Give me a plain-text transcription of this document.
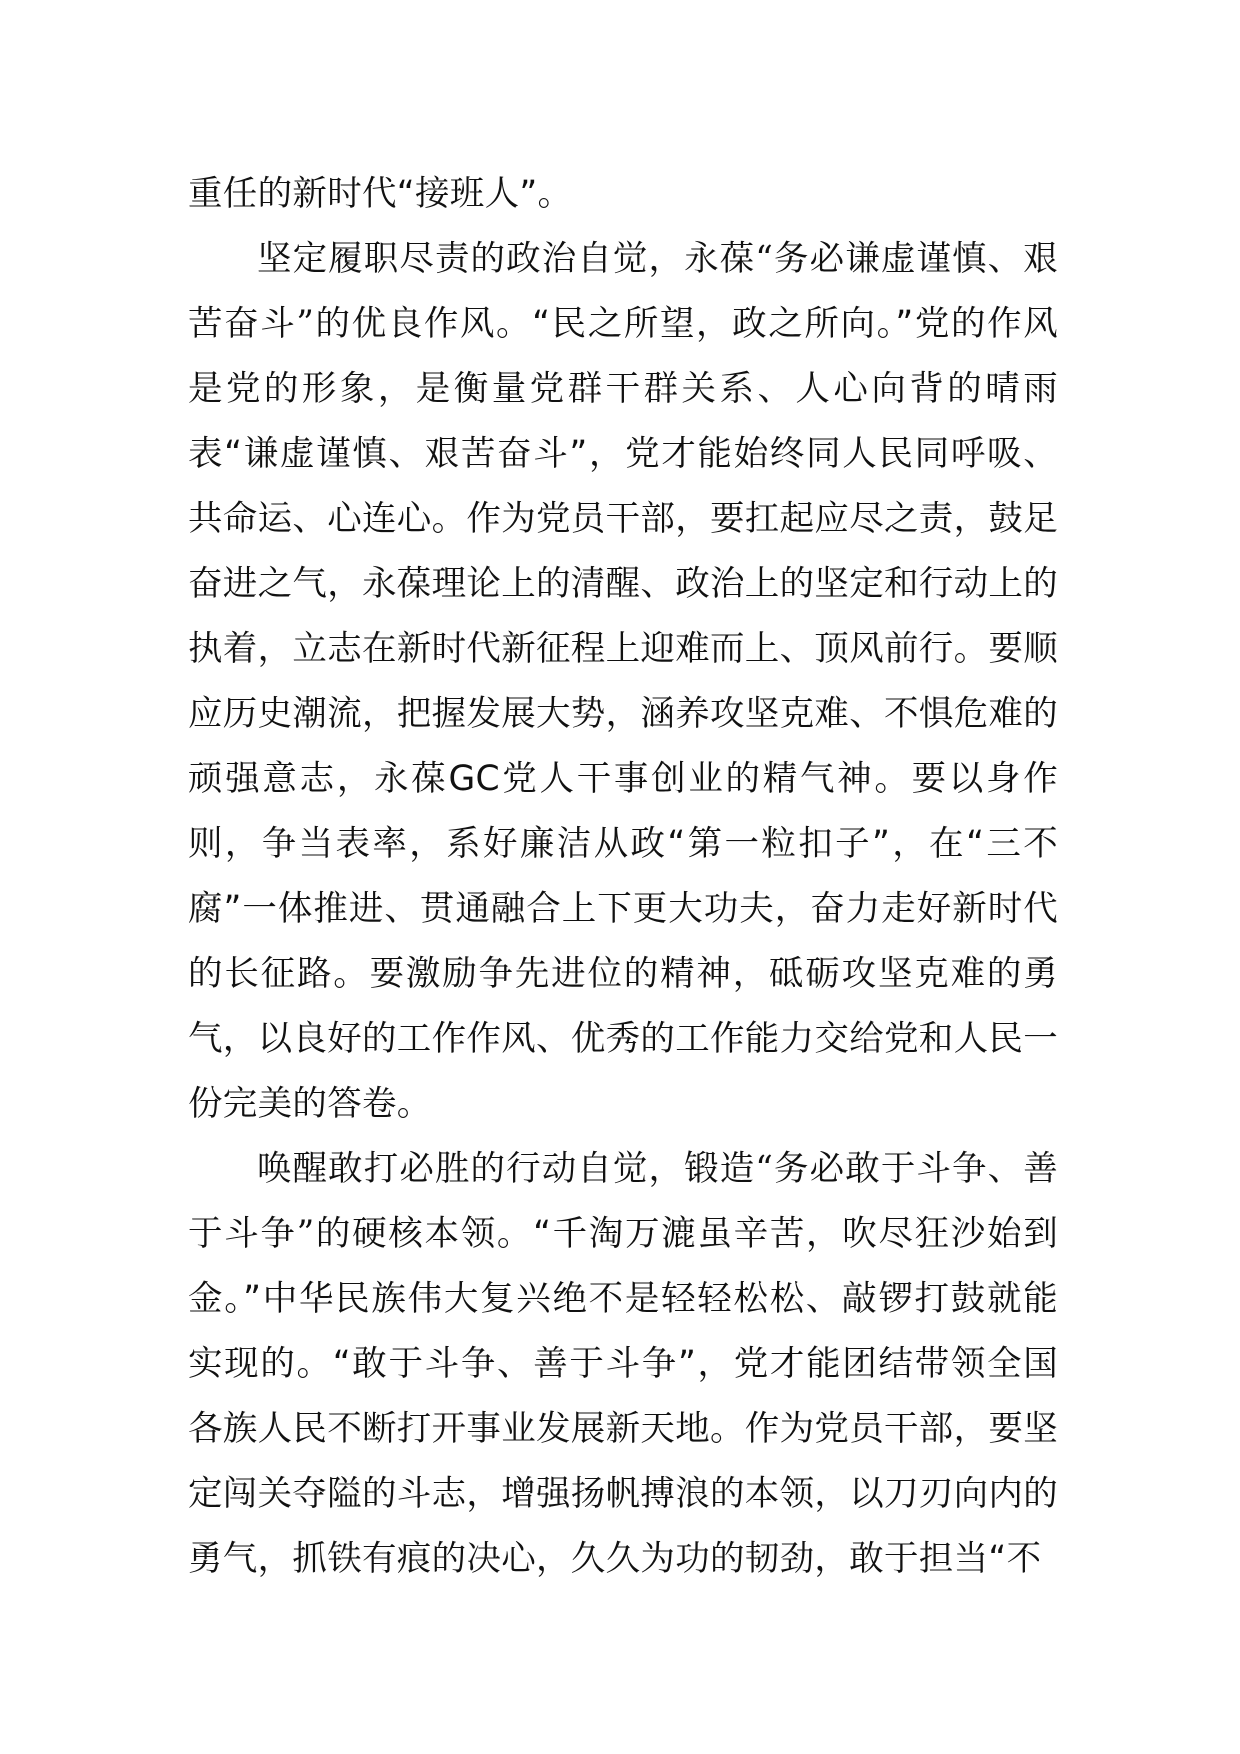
重任的新时代“接班人”。

坚定履职尽责的政治自觉，永葆“务必谦虚谨慎、艰苦奋斗”的优良作风。“民之所望，政之所向。”党的作风是党的形象，是衡量党群干群关系、人心向背的晴雨表“谦虚谨慎、艰苦奋斗”，党才能始终同人民同呼吸、共命运、心连心。作为党员干部，要扛起应尽之责，鼓足奋进之气，永葆理论上的清醒、政治上的坚定和行动上的执着，立志在新时代新征程上迎难而上、顶风前行。要顺应历史潮流，把握发展大势，涵养攻坚克难、不惧危难的顽强意志，永葆GC党人干事创业的精气神。要以身作则，争当表率，系好廉洁从政“第一粒扣子”，在“三不腐”一体推进、贯通融合上下更大功夫，奋力走好新时代的长征路。要激励争先进位的精神，砥砺攻坚克难的勇气，以良好的工作作风、优秀的工作能力交给党和人民一份完美的答卷。

唤醒敢打必胜的行动自觉，锻造“务必敢于斗争、善于斗争”的硬核本领。“千淘万漉虽辛苦，吹尽狂沙始到金。”中华民族伟大复兴绝不是轻轻松松、敲锣打鼓就能实现的。“敢于斗争、善于斗争”，党才能团结带领全国各族人民不断打开事业发展新天地。作为党员干部，要坚定闯关夺隘的斗志，增强扬帆搏浪的本领，以刀刃向内的勇气，抓铁有痕的决心，久久为功的韧劲，敢于担当“不
